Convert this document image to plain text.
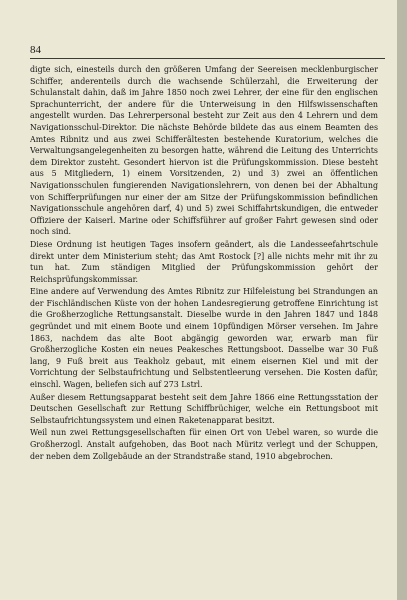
84

digte sich, einesteils durch den größeren Umfang der Seereisen mecklenburgischer Schiffer, anderenteils durch die wachsende Schülerzahl, die Erweiterung der Schulanstalt dahin, daß im Jahre 1850 noch zwei Lehrer, der eine für den englischen Sprachunterricht, der andere für die Unterweisung in den Hilfswissenschaften angestellt wurden. Das Lehrerpersonal besteht zur Zeit aus den 4 Lehrern und dem Navigationsschul-Direktor. Die nächste Behörde bildete das aus einem Beamten des Amtes Ribnitz und aus zwei Schifferältesten bestehende Kuratorium, welches die Verwaltungsangelegenheiten zu besorgen hatte, während die Leitung des Unterrichts dem Direktor zusteht. Gesondert hiervon ist die Prüfungskommission. Diese besteht aus 5 Mitgliedern, 1) einem Vorsitzenden, 2) und 3) zwei an öffentlichen Navigationsschulen fungierenden Navigationslehrern, von denen bei der Abhaltung von Schifferprüfungen nur einer der am Sitze der Prüfungskommission befindlichen Navigationsschule angehören darf, 4) und 5) zwei Schiffahrtskundigen, die entweder Offiziere der Kaiserl. Marine oder Schiffsführer auf großer Fahrt gewesen sind oder noch sind.

Diese Ordnung ist heutigen Tages insofern geändert, als die Landesseefahrtschule direkt unter dem Ministerium steht; das Amt Rostock [?] alle nichts mehr mit ihr zu tun hat. Zum ständigen Mitglied der Prüfungskommission gehört der Reichsprüfungskommissar.

Eine andere auf Verwendung des Amtes Ribnitz zur Hilfeleistung bei Strandungen an der Fischländischen Küste von der hohen Landesregierung getroffene Einrichtung ist die Großherzogliche Rettungsanstalt. Dieselbe wurde in den Jahren 1847 und 1848 gegründet und mit einem Boote und einem 10pfündigen Mörser versehen. Im Jahre 1863, nachdem das alte Boot abgängig geworden war, erwarb man für Großherzogliche Kosten ein neues Peakesches Rettungsboot. Dasselbe war 30 Fuß lang, 9 Fuß breit aus Teakholz gebaut, mit einem eisernen Kiel und mit der Vorrichtung der Selbstaufrichtung und Selbstentleerung versehen. Die Kosten dafür, einschl. Wagen, beliefen sich auf 273 Lstrl.

Außer diesem Rettungsapparat besteht seit dem Jahre 1866 eine Rettungsstation der Deutschen Gesellschaft zur Rettung Schiffbrüchiger, welche ein Rettungsboot mit Selbstaufrichtungssystem und einen Raketenapparat besitzt.

Weil nun zwei Rettungsgesellschaften für einen Ort von Uebel waren, so wurde die Großherzogl. Anstalt aufgehoben, das Boot nach Müritz verlegt und der Schuppen, der neben dem Zollgebäude an der Strandstraße stand, 1910 abgebrochen.
